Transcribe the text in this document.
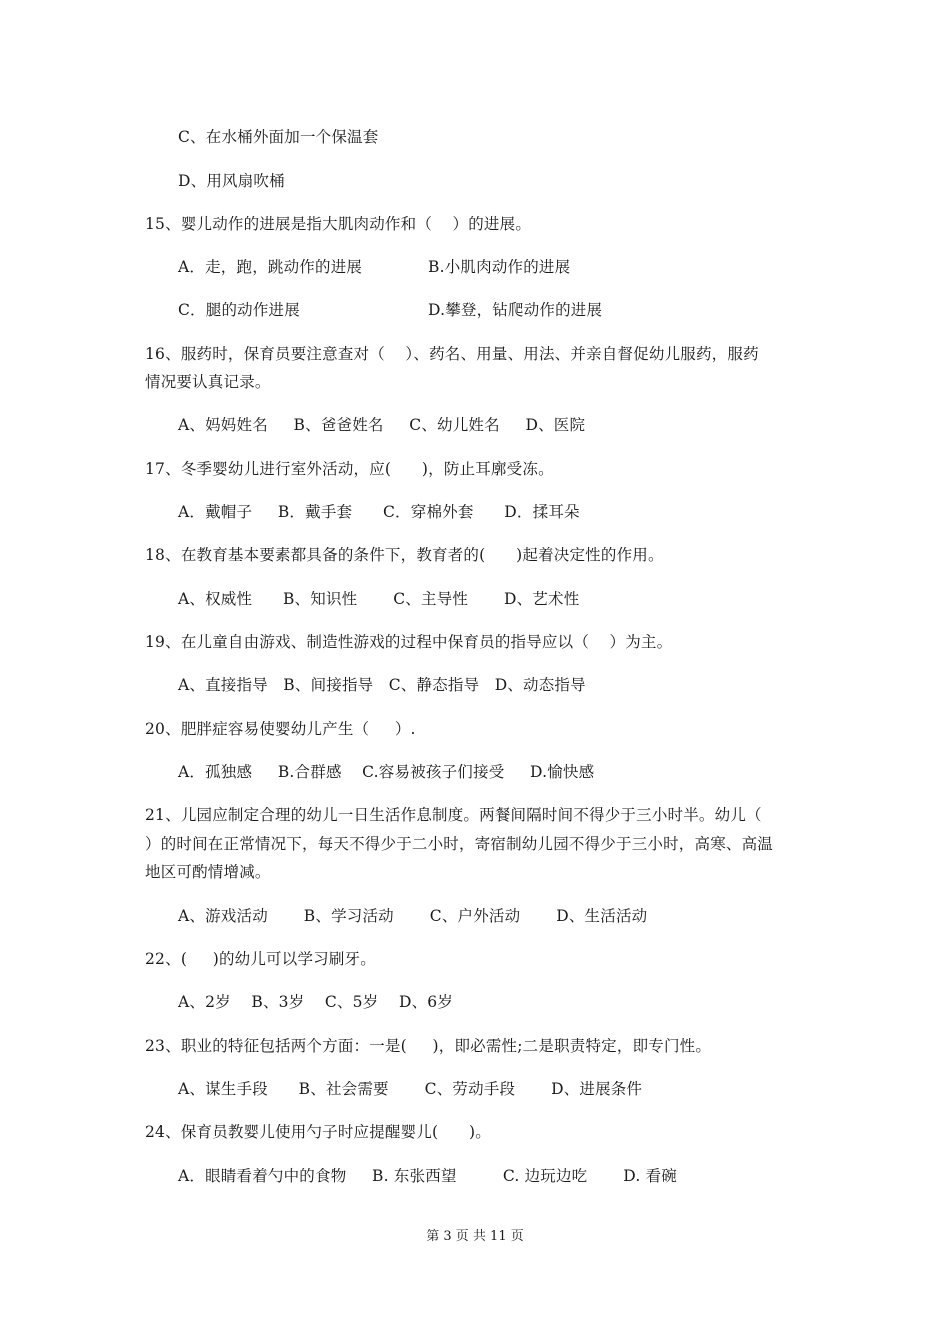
C、在水桶外面加一个保温套
D、用风扇吹桶
15、婴儿动作的进展是指大肌肉动作和（    ）的进展。
A．走，跑，跳动作的进展	B.小肌肉动作的进展
C．腿的动作进展	D.攀登，钻爬动作的进展
16、服药时，保育员要注意查对（    ）、药名、用量、用法、并亲自督促幼儿服药，服药
情况要认真记录。
A、妈妈姓名     B、爸爸姓名     C、幼儿姓名     D、医院
17、冬季婴幼儿进行室外活动，应(      )，防止耳廓受冻。
A．戴帽子     B．戴手套      C．穿棉外套      D．揉耳朵
18、在教育基本要素都具备的条件下，教育者的(      )起着决定性的作用。
A、权威性      B、知识性       C、主导性       D、艺术性
19、在儿童自由游戏、制造性游戏的过程中保育员的指导应以（    ）为主。
A、直接指导   B、间接指导   C、静态指导   D、动态指导
20、肥胖症容易使婴幼儿产生（     ）.
A．孤独感     B.合群感    C.容易被孩子们接受     D.愉快感
21、儿园应制定合理的幼儿一日生活作息制度。两餐间隔时间不得少于三小时半。幼儿（
）的时间在正常情况下，每天不得少于二小时，寄宿制幼儿园不得少于三小时，高寒、高温
地区可酌情增减。
A、游戏活动       B、学习活动       C、户外活动       D、生活活动
22、(     )的幼儿可以学习刷牙。
A、2岁    B、3岁    C、5岁    D、6岁
23、职业的特征包括两个方面：一是(     )，即必需性;二是职责特定，即专门性。
A、谋生手段      B、社会需要       C、劳动手段       D、进展条件
24、保育员教婴儿使用勺子时应提醒婴儿(      )。
A．眼睛看着勺中的食物     B. 东张西望         C. 边玩边吃       D. 看碗
第 3 页 共 11 页
